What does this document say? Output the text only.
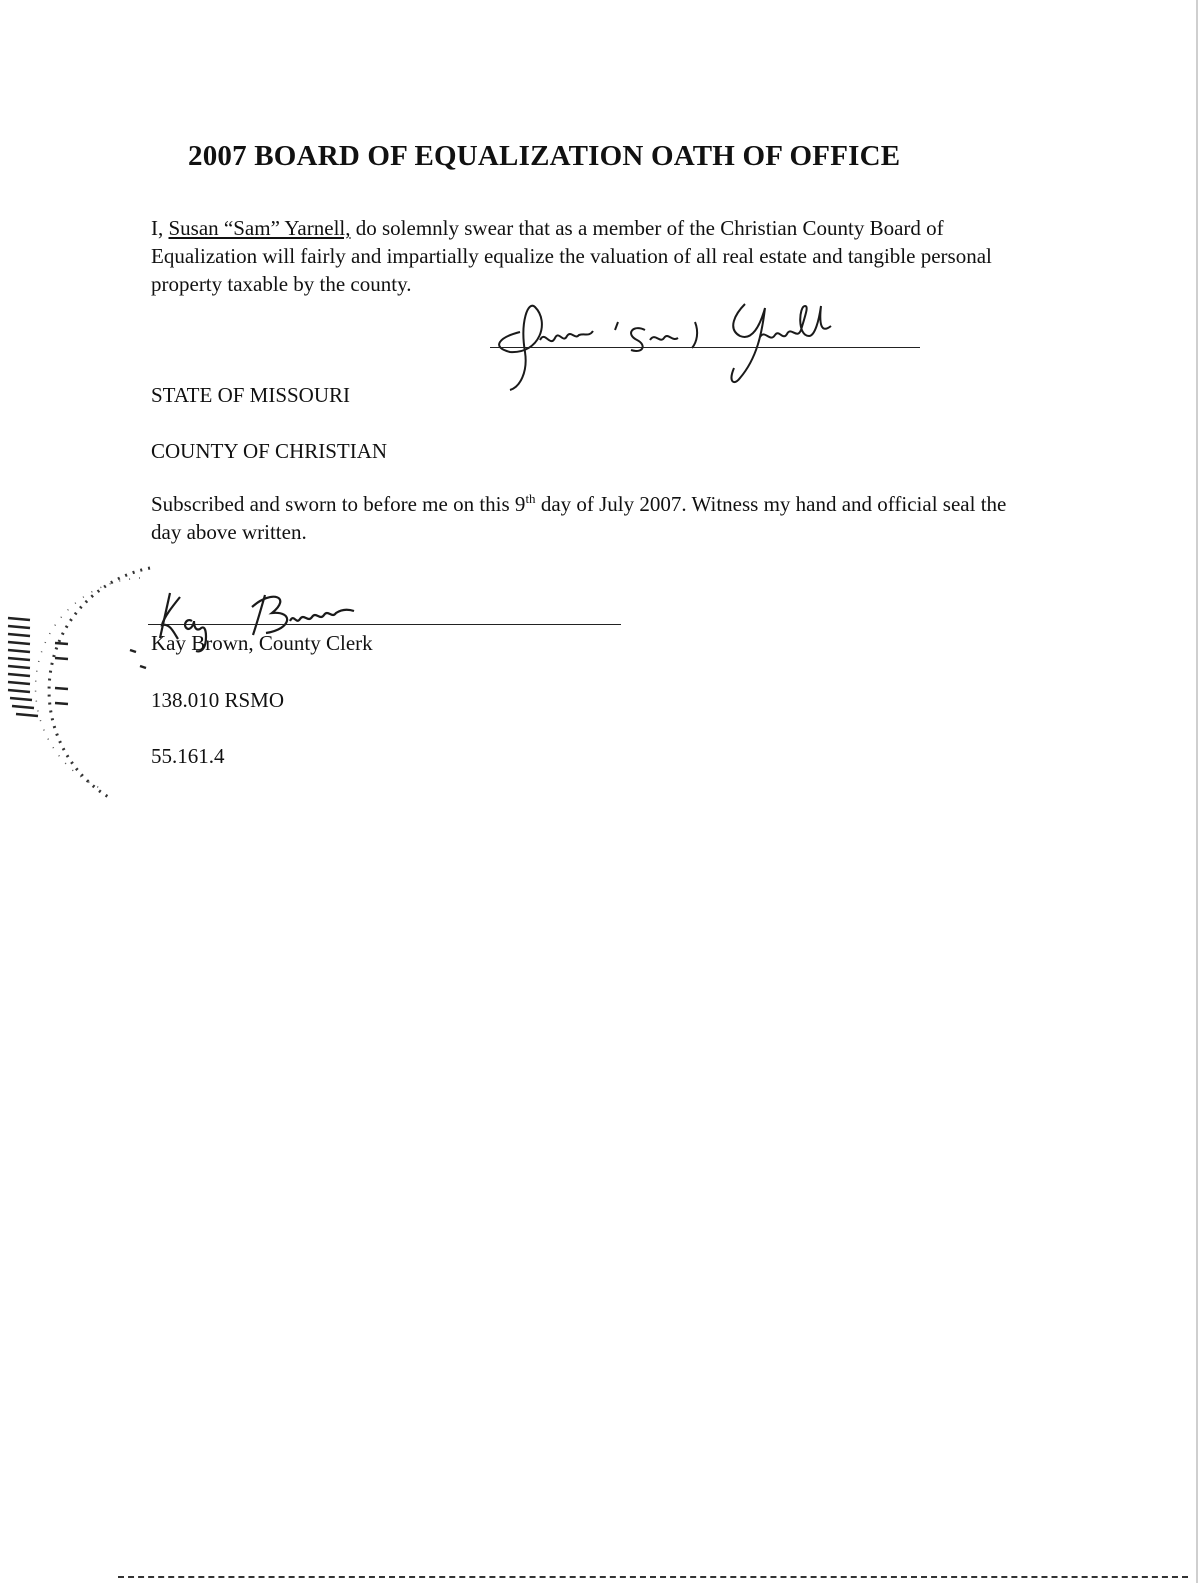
2007 BOARD OF EQUALIZATION OATH OF OFFICE
I, Susan “Sam” Yarnell, do solemnly swear that as a member of the Christian County Board of Equalization will fairly and impartially equalize the valuation of all real estate and tangible personal property taxable by the county.
STATE OF MISSOURI
COUNTY OF CHRISTIAN
Subscribed and sworn to before me on this 9th day of July 2007. Witness my hand and official seal the day above written.
Kay Brown, County Clerk
138.010 RSMO
55.161.4
